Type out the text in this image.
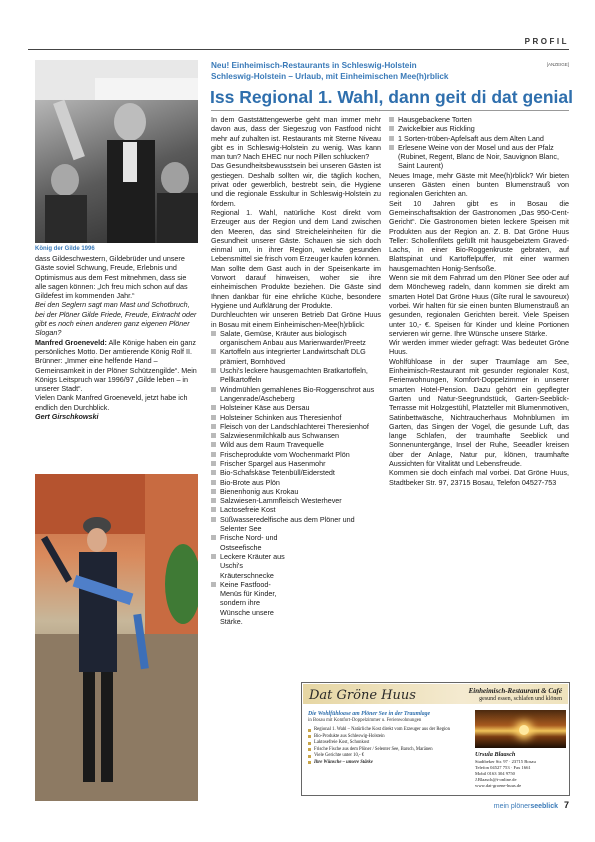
PROFIL
König der Gilde 1996

dass Gildeschwestern, Gildebrüder und unsere Gäste soviel Schwung, Freude, Erlebnis und Optimismus aus dem Fest mitnehmen, dass sie alle sagen können: „Ich freu mich schon auf das Gildefest im kommenden Jahr.“

Bei den Seglern sagt man Mast und Schotbruch, bei der Plöner Gilde Friede, Freude, Eintracht oder gibt es noch einen anderen ganz eigenen Plöner Slogan?

Manfred Groeneveld: Alle Könige haben ein ganz persönliches Motto. Der amtierende König Rolf II. Brünner: „Immer eine helfende Hand – Gemeinsamkeit in der Plöner Schützengilde“. Mein Königs Leitspruch war 1996/97 „Gilde leben – in unserer Stadt“.

Vielen Dank Manfred Groeneveld, jetzt habe ich endlich den Durchblick.

Gert Girschkowski

Neu! Einheimisch-Restaurants in Schleswig-Holstein
Schleswig-Holstein – Urlaub, mit Einheimischen Mee(h)rblick
[ANZEIGE]
Iss Regional 1. Wahl, dann geit di dat genial

In dem Gaststättengewerbe geht man immer mehr davon aus, dass der Siegeszug von Fastfood nicht mehr auf zuhalten ist. Restaurants mit Sterne Niveau gibt es in Schleswig-Holstein zu wenig. Was kann man tun? Nach EHEC nur noch Pillen schlucken?

Das Gesundheitsbewusstsein bei unseren Gästen ist gestiegen. Deshalb sollten wir, die täglich kochen, privat oder gewerblich, bestrebt sein, die Hygiene und die regionale Esskultur in Schleswig-Holstein zu fördern.

Regional 1. Wahl, natürliche Kost direkt vom Erzeuger aus der Region und dem Land zwischen den Meeren, das sind Streicheleinheiten für die Gesundheit unserer Gäste. Schauen sie sich doch einmal um, in ihrer Region, welche gesunden Lebensmittel sie frisch vom Erzeuger kaufen können.

Man sollte dem Gast auch in der Speisenkarte im Vorwort darauf hinweisen, woher sie ihre einheimischen Produkte beziehen. Die Gäste sind Ihnen dankbar für eine ehrliche Küche, besondere Hygiene und Aufklärung der Produkte.

Durchleuchten wir unseren Betrieb Dat Gröne Huus in Bosau mit einem Einheimischen-Mee(h)rblick:

Salate, Gemüse, Kräuter aus biologisch organischem Anbau aus Marienwarder/Preetz
Kartoffeln aus integrierter Landwirtschaft DLG prämiert, Bornhöved
Uschi's leckere hausgemachten Bratkartoffeln, Pellkartoffeln
Windmühlen gemahlenes Bio-Roggenschrot aus Langenrade/Ascheberg
Holsteiner Käse aus Dersau
Holsteiner Schinken aus Theresienhof
Fleisch von der Landschlachterei Theresienhof
Salzwiesenmilchkalb aus Schwansen
Wild aus dem Raum Travequelle
Frischeprodukte vom Wochenmarkt Plön
Frischer Spargel aus Hasenmohr
Bio-Schafskäse Tetenbüll/Eiderstedt
Bio-Brote aus Plön
Bienenhonig aus Krokau
Salzwiesen-Lammfleisch Westerhever
Lactosefreie Kost
Süßwasseredelfische aus dem Plöner und Selenter See
Frische Nord- und Ostseefische
Leckere Kräuter aus Uschi's Kräuterschnecke
Keine Fastfood-Menüs für Kinder, sondern ihre Wünsche unsere Stärke.
Hausgebackene Torten
Zwickelbier aus Rickling
1 Sorten-trüben-Apfelsaft aus dem Alten Land
Erlesene Weine von der Mosel und aus der Pfalz (Rubinet, Regent, Blanc de Noir, Sauvignon Blanc, Saint Laurent)

Neues Image, mehr Gäste mit Mee(h)rblick? Wir bieten unseren Gästen einen bunten Blumenstrauß von regionalen Gerichten an.

Seit 10 Jahren gibt es in Bosau die Gemeinschaftsaktion der Gastronomen „Das 950-Cent-Gericht“. Die Gastronomen bieten leckere Speisen mit Produkten aus der Region an. Z. B. Dat Gröne Huus Teller: Schollenfilets gefüllt mit hausgebeiztem Graved-Lachs, in einer Bio-Roggenkruste gebraten, auf Blattspinat und Kartoffelpuffer, mit einer warmen hausgemachten Honig-Senfsoße.

Wenn sie mit dem Fahrrad um den Plöner See oder auf dem Möncheweg radeln, dann kommen sie direkt am smarten Hotel Dat Gröne Huus (Gîte rural le savoureux) vorbei. Wir halten für sie einen bunten Blumenstrauß an gesunden, regionalen Gerichten bereit. Viele Speisen unter 10,- €. Speisen für Kinder und kleine Portionen servieren wir gerne. Ihre Wünsche unsere Stärke.

Wir werden immer wieder gefragt: Was bedeutet Gröne Huus.

Wohlfühloase in der super Traumlage am See, Einheimisch-Restaurant mit gesunder regionaler Kost, Ferienwohnungen, Komfort-Doppelzimmer in unserer smarten Hotel-Pension. Dazu gehört ein gepflegter Garten und Natur-Seegrundstück, Garten-Seeblick-Terrasse mit Holzgestühl, Platzteller mit Blumenmotiven, Satinbettwäsche, Nichtraucherhaus Mohnblumen im Garten, das Singen der Vogel, die gesunde Luft, das lange Schlafen, der traumhafte Seeblick und Sonnenuntergänge, Insel der Ruhe, Seeadler kreisen über der Anlage, Natur pur, klönen, traumhafte Aussichten für Vitalität und Lebensfreude.

Kommen sie doch einfach mal vorbei. Dat Gröne Huus, Stadtbeker Str. 97, 23715 Bosau, Telefon 04527-753

Dat Gröne Huus	Einheimisch-Restaurant & Café
gesund essen, schlafen und klönen
Die Wohlfühloase am Plöner See in der Traumlage
in Bosau mit Komfort-Doppelzimmer u. Ferienwohnungen
Regional 1. Wahl – Natürliche Kost direkt vom Erzeuger aus der Region
Bio-Produkte aus Schleswig-Holstein
Laktosefreie Kost, Schonkost
Frische Fische aus dem Plöner / Selenter See, Barsch, Maränen
Viele Gerichte unter 10,- €
Ihre Wünsche – unsere Stärke
Ursula Blaasch
Stadtbeker Str. 97 · 23715 Bosau
Telefon 04527 753 · Fax 1661
Mobil 0163 304 9750
J.Blaasch@t-online.de
www.dat-groene-huus.de
mein plönerseeblick 7
